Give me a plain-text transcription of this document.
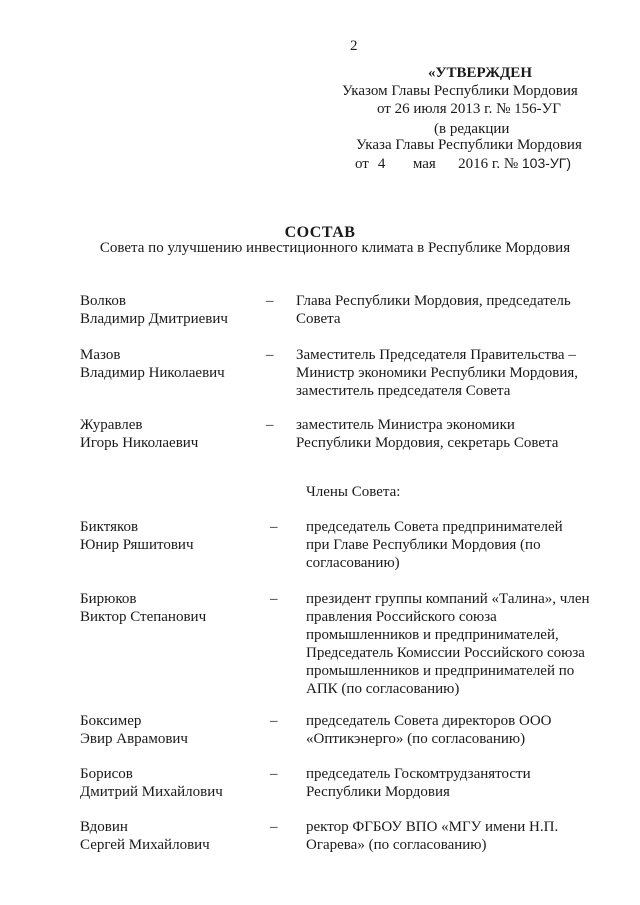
2
«УТВЕРЖДЕН
Указом Главы Республики Мордовия
от 26 июля 2013 г. № 156-УГ
(в редакции
Указа Главы Республики Мордовия
от 4 мая 2016 г. № 103-УГ)
СОСТАВ
Совета по улучшению инвестиционного климата в Республике Мордовия
Волков
Владимир Дмитриевич
– Глава Республики Мордовия, председатель
Совета
Мазов
Владимир Николаевич
– Заместитель Председателя Правительства –
Министр экономики Республики Мордовия,
заместитель председателя Совета
Журавлев
Игорь Николаевич
– заместитель Министра экономики
Республики Мордовия, секретарь Совета
Члены Совета:
Биктяков
Юнир Ряшитович
– председатель Совета предпринимателей
при Главе Республики Мордовия (по
согласованию)
Бирюков
Виктор Степанович
– президент группы компаний «Талина», член
правления Российского союза
промышленников и предпринимателей,
Председатель Комиссии Российского союза
промышленников и предпринимателей по
АПК (по согласованию)
Боксимер
Эвир Аврамович
– председатель Совета директоров ООО
«Оптикэнерго» (по согласованию)
Борисов
Дмитрий Михайлович
– председатель Госкомтрудзанятости
Республики Мордовия
Вдовин
Сергей Михайлович
– ректор ФГБОУ ВПО «МГУ имени Н.П.
Огарева» (по согласованию)
